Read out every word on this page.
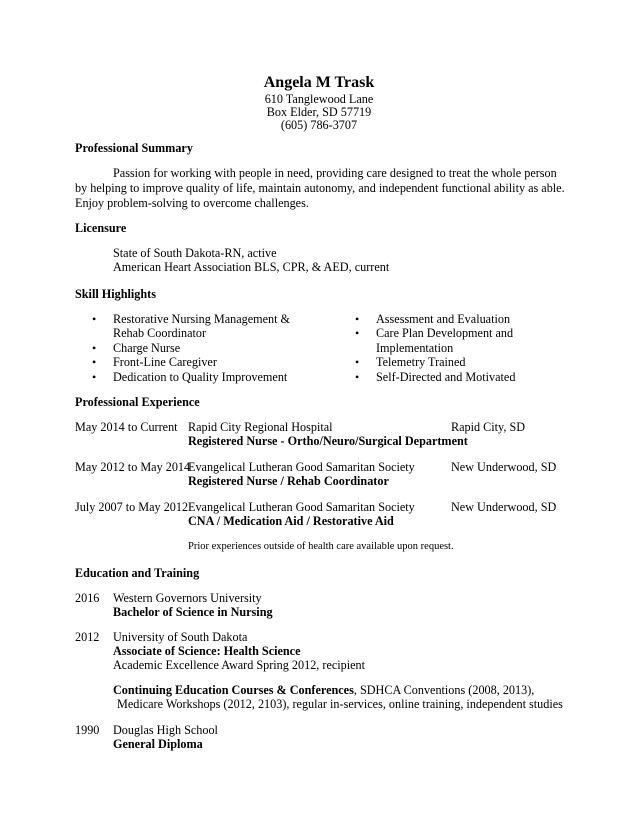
Angela M Trask
610 Tanglewood Lane
Box Elder, SD 57719
(605) 786-3707
Professional Summary
Passion for working with people in need, providing care designed to treat the whole person by helping to improve quality of life, maintain autonomy, and independent functional ability as able. Enjoy problem-solving to overcome challenges.
Licensure
State of South Dakota-RN, active
American Heart Association BLS, CPR, & AED, current
Skill Highlights
• Restorative Nursing Management &
Rehab Coordinator
• Charge Nurse
• Front-Line Caregiver
• Dedication to Quality Improvement
• Assessment and Evaluation
• Care Plan Development and
Implementation
• Telemetry Trained
• Self-Directed and Motivated
Professional Experience
May 2014 to Current Rapid City Regional Hospital	Rapid City, SD
Registered Nurse - Ortho/Neuro/Surgical Department
May 2012 to May 2014
Evangelical Lutheran Good Samaritan Society	New Underwood, SD
Registered Nurse / Rehab Coordinator
July 2007 to May 2012 Evangelical Lutheran Good Samaritan Society	New Underwood, SD
CNA / Medication Aid / Restorative Aid
Prior experiences outside of health care available upon request.
Education and Training
2016 Western Governors University
Bachelor of Science in Nursing
2012 University of South Dakota
Associate of Science: Health Science
Academic Excellence Award Spring 2012, recipient
Continuing Education Courses & Conferences, SDHCA Conventions (2008, 2013),
Medicare Workshops (2012, 2103), regular in-services, online training, independent studies
1990 Douglas High School
General Diploma
